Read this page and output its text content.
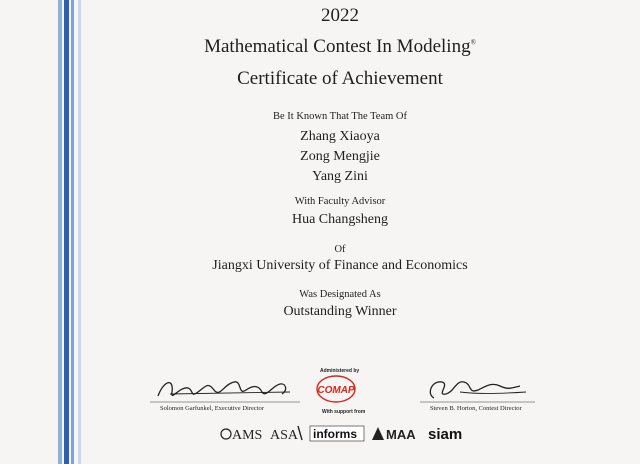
2022
Mathematical Contest In Modeling®
Certificate of Achievement
Be It Known That The Team Of
Zhang Xiaoya
Zong Mengjie
Yang Zini
With Faculty Advisor
Hua Changsheng
Of
Jiangxi University of Finance and Economics
Was Designated As
Outstanding Winner
Solomon Garfunkel, Executive Director	Steven B. Horton, Contest Director
Administered by
COMAP
With support from
AMS ASA informs MAA siam
